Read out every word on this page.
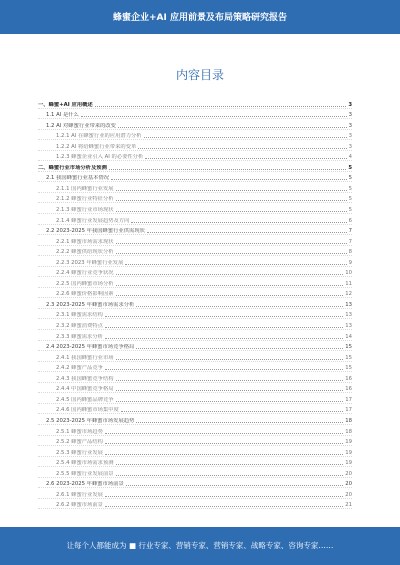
蜂蜜企业+AI 应用前景及布局策略研究报告
内容目录
一、蜂蜜+AI 应用概述	3
1.1 AI 是什么	3
1.2 AI 对蜂蜜行业带来的改变	3
1.2.1 AI 在蜂蜜行业的应用潜力分析	3
1.2.2 AI 将给蜂蜜行业带来的变革	3
1.2.3 蜂蜜企业引入 AI 的必要性分析	4
二、蜂蜜行业市场分析及预测	5
2.1 我国蜂蜜行业基本情况	5
2.1.1 国内蜂蜜行业发展	5
2.1.2 蜂蜜行业特征分析	5
2.1.3 蜂蜜行业市场现状	5
2.1.4 蜂蜜行业发展趋势及方向	6
2.2 2023-2025 年我国蜂蜜行业供需现状	7
2.2.1 蜂蜜市场需求现状	7
2.2.2 蜂蜜供给现状分析	8
2.2.3 2023 年蜂蜜行业发展	9
2.2.4 蜂蜜行业竞争状况	10
2.2.5 国内蜂蜜市场分析	11
2.2.6 蜂蜜价格影响因素	12
2.3 2023-2025 年蜂蜜市场需求分析	13
2.3.1 蜂蜜需求结构	13
2.3.2 蜂蜜消费特点	13
2.3.3 蜂蜜需求分析	14
2.4 2023-2025 年蜂蜜市场竞争格局	15
2.4.1 我国蜂蜜行业市场	15
2.4.2 蜂蜜产品竞争	15
2.4.3 我国蜂蜜竞争结构	16
2.4.4 中国蜂蜜竞争格局	16
2.4.5 国内蜂蜜品牌竞争	17
2.4.6 国内蜂蜜市场集中度	17
2.5 2023-2025 年蜂蜜市场发展趋势	18
2.5.1 蜂蜜市场趋势	18
2.5.2 蜂蜜产品结构	19
2.5.3 蜂蜜行业发展	19
2.5.4 蜂蜜市场需求预测	19
2.5.5 蜂蜜行业发展前景	20
2.6 2023-2025 年蜂蜜市场前景	20
2.6.1 蜂蜜行业发展	20
2.6.2 蜂蜜市场前景	21
让每个人都能成为 ■ 行业专家、营销专家、营销专家、战略专家、咨询专家……
